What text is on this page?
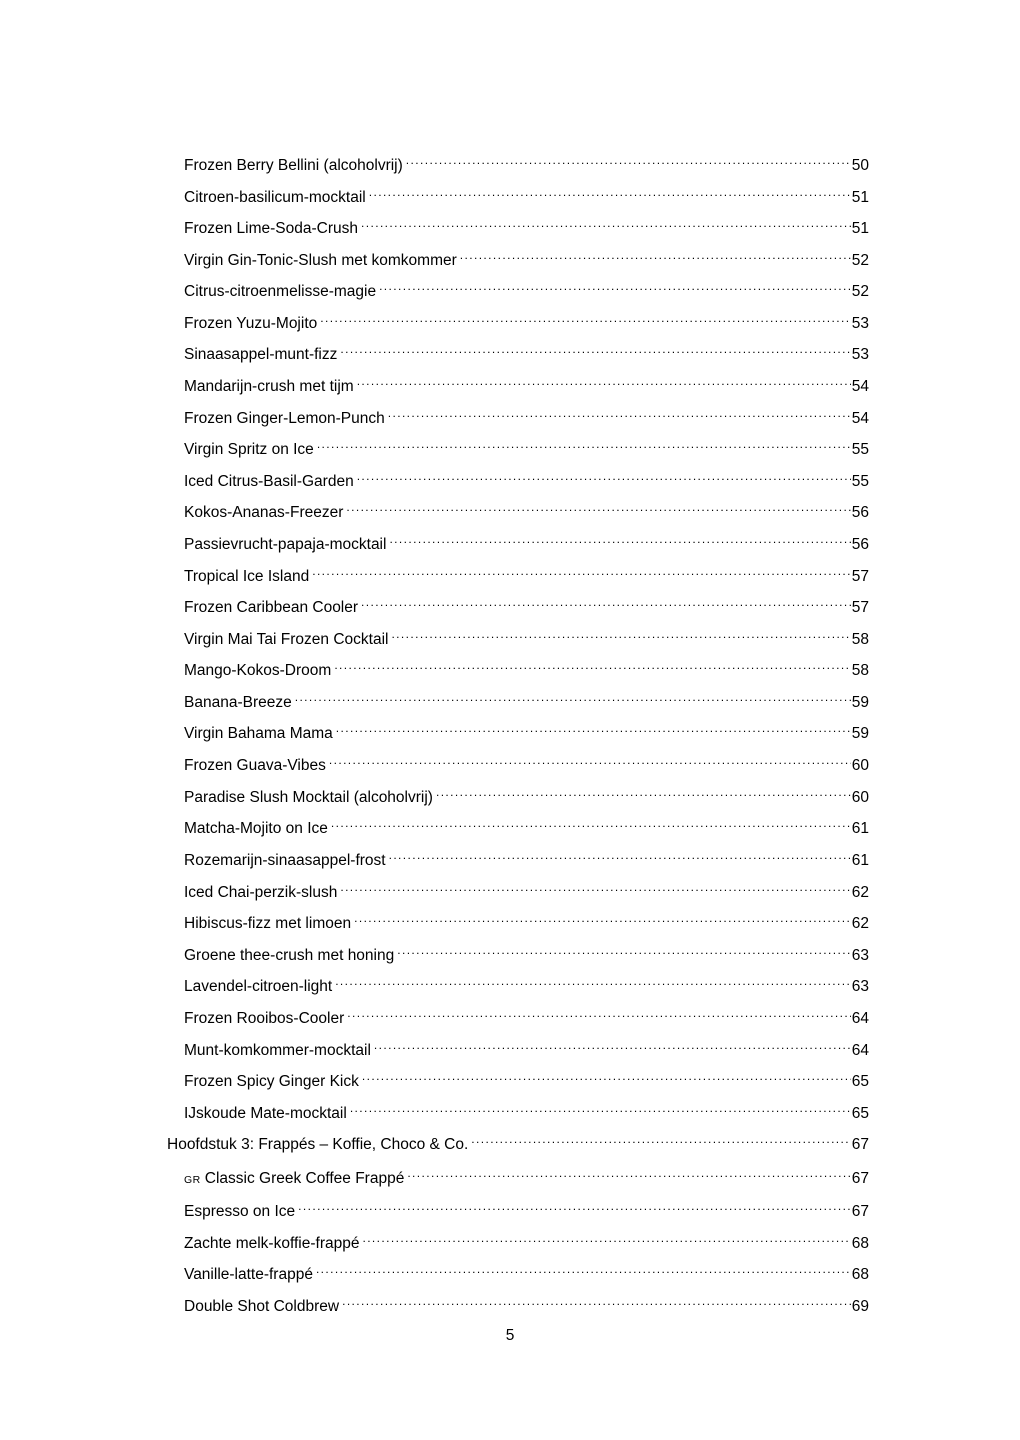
Frozen Berry Bellini (alcoholvrij) .....	50
Citroen-basilicum-mocktail .....	51
Frozen Lime-Soda-Crush .....	51
Virgin Gin-Tonic-Slush met komkommer .....	52
Citrus-citroenmelisse-magie .....	52
Frozen Yuzu-Mojito .....	53
Sinaasappel-munt-fizz .....	53
Mandarijn-crush met tijm .....	54
Frozen Ginger-Lemon-Punch .....	54
Virgin Spritz on Ice .....	55
Iced Citrus-Basil-Garden .....	55
Kokos-Ananas-Freezer .....	56
Passievrucht-papaja-mocktail .....	56
Tropical Ice Island .....	57
Frozen Caribbean Cooler .....	57
Virgin Mai Tai Frozen Cocktail .....	58
Mango-Kokos-Droom .....	58
Banana-Breeze .....	59
Virgin Bahama Mama .....	59
Frozen Guava-Vibes .....	60
Paradise Slush Mocktail (alcoholvrij) .....	60
Matcha-Mojito on Ice .....	61
Rozemarijn-sinaasappel-frost .....	61
Iced Chai-perzik-slush .....	62
Hibiscus-fizz met limoen .....	62
Groene thee-crush met honing .....	63
Lavendel-citroen-light .....	63
Frozen Rooibos-Cooler .....	64
Munt-komkommer-mocktail .....	64
Frozen Spicy Ginger Kick .....	65
IJskoude Mate-mocktail .....	65
Hoofdstuk 3: Frappés – Koffie, Choco & Co. .....	67
GR Classic Greek Coffee Frappé .....	67
Espresso on Ice .....	67
Zachte melk-koffie-frappé .....	68
Vanille-latte-frappé .....	68
Double Shot Coldbrew .....	69
5
